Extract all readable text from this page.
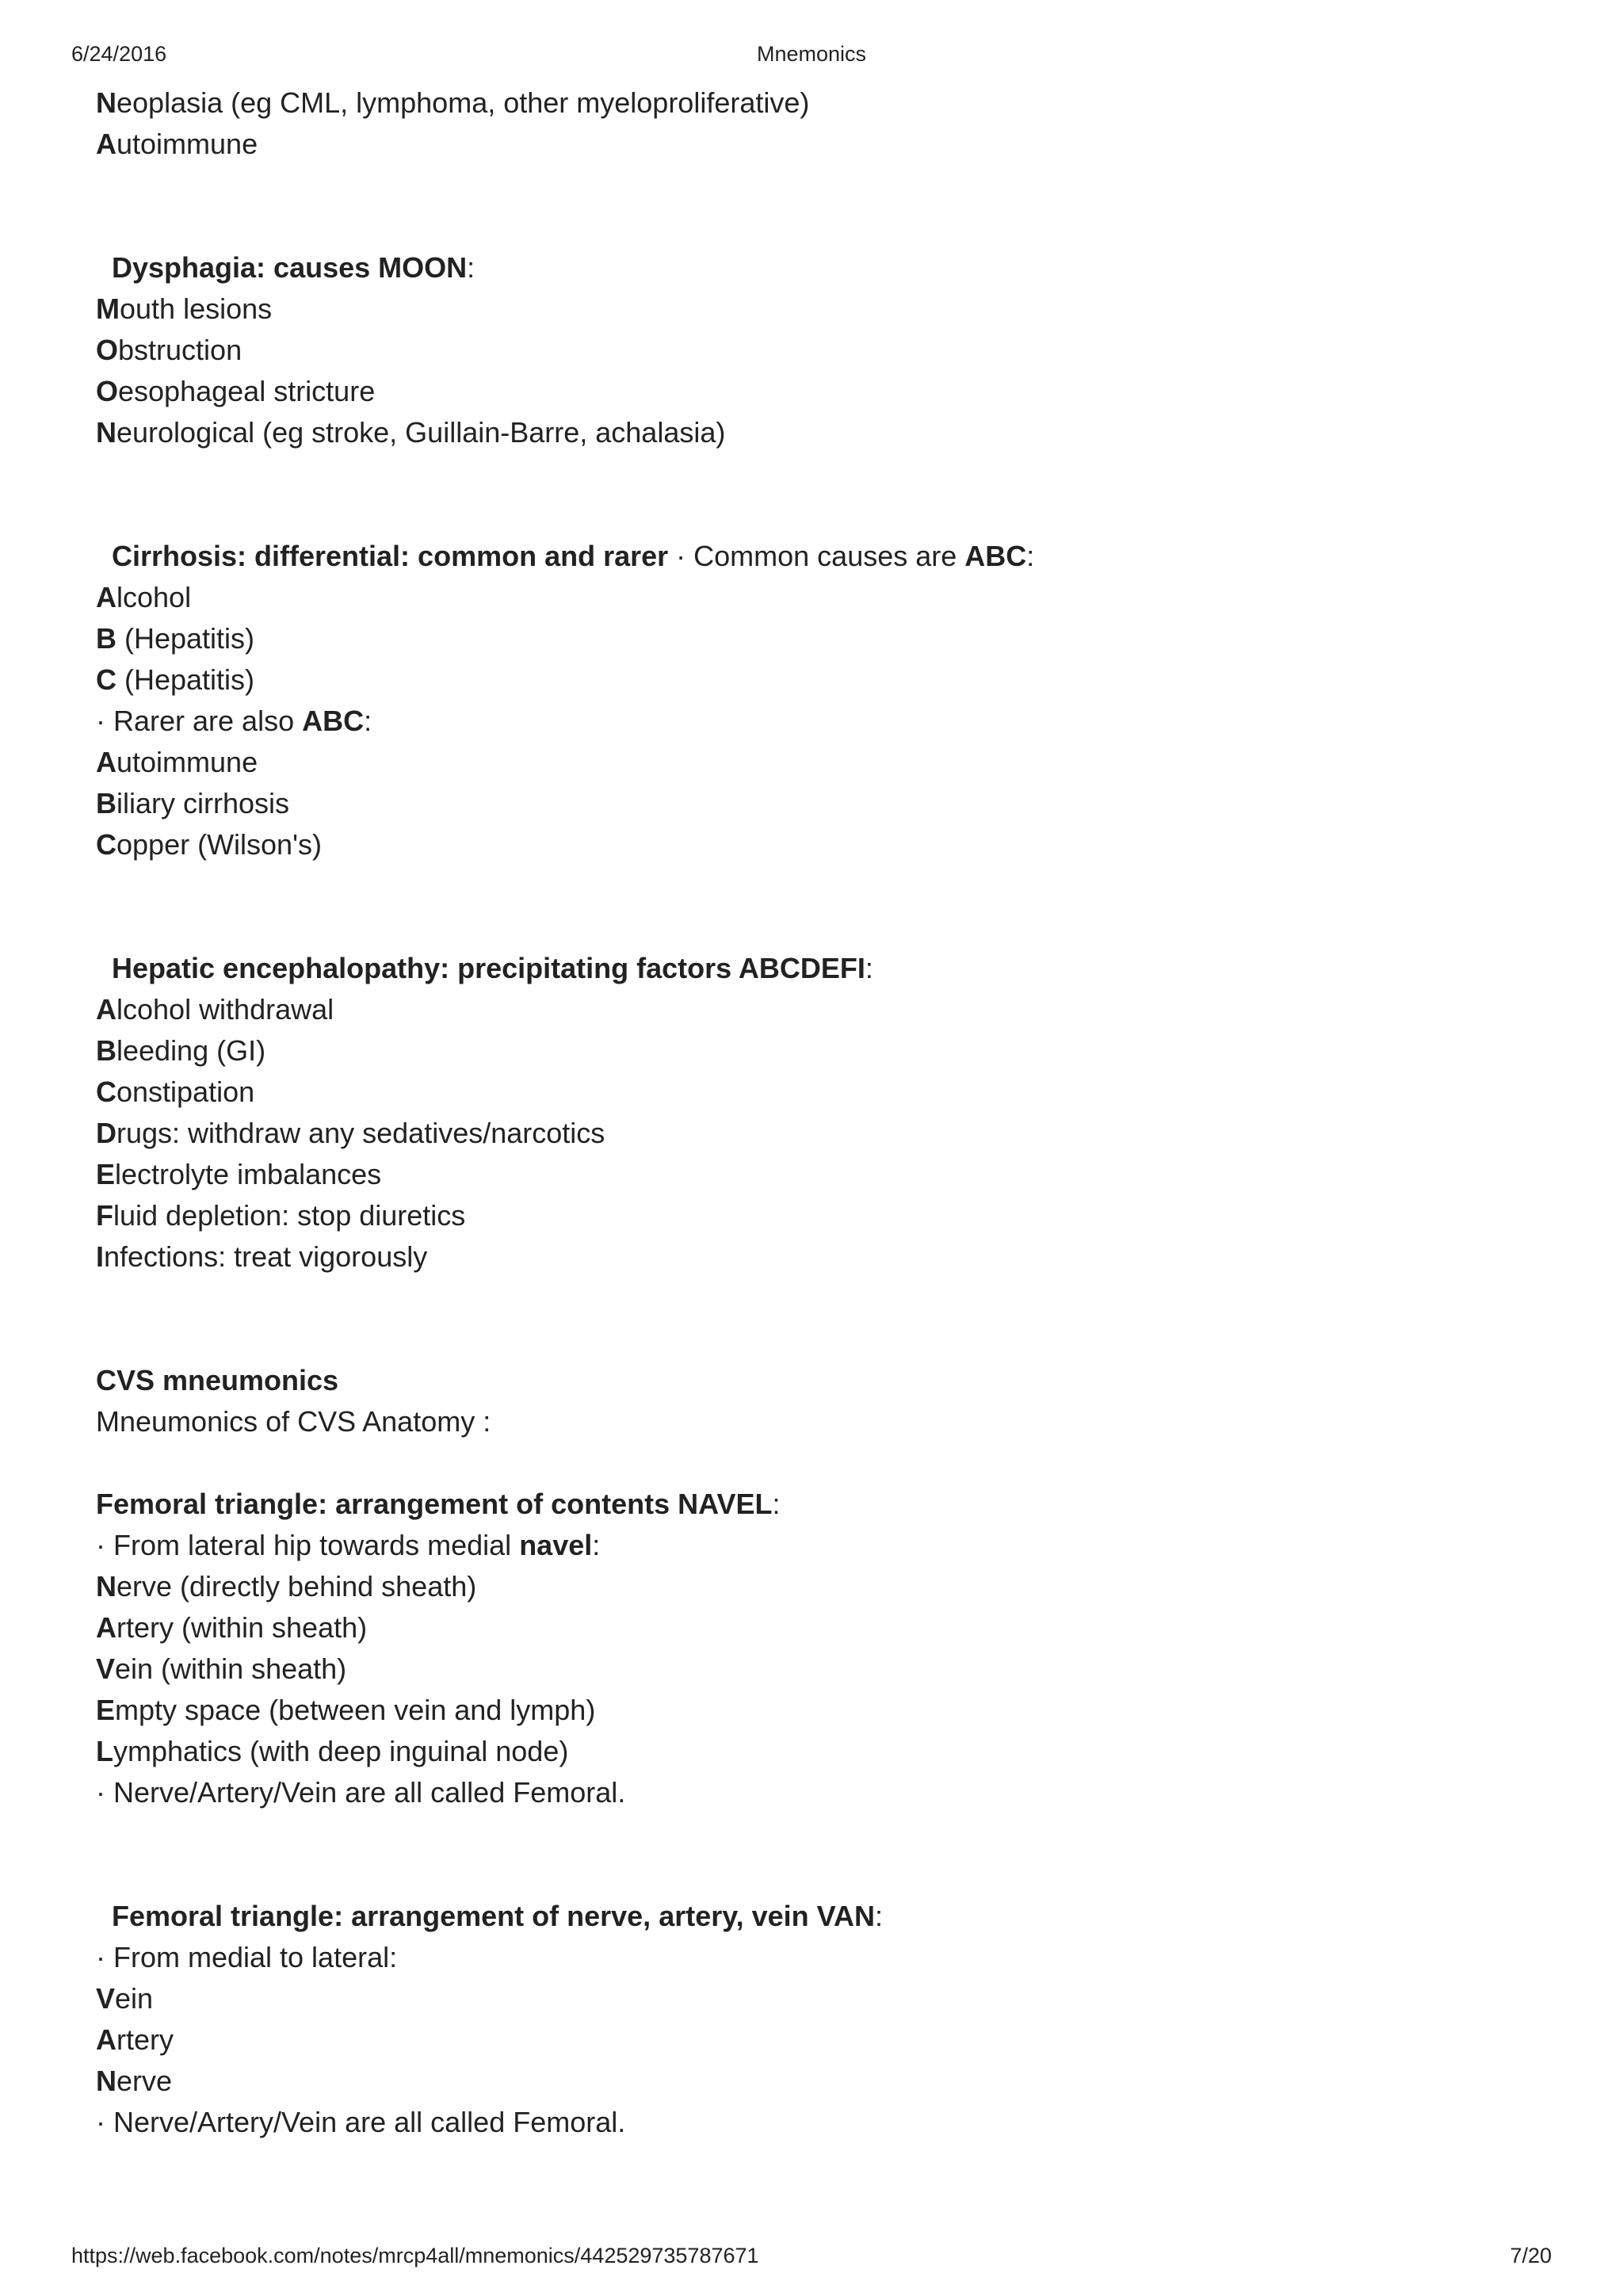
6/24/2016	Mnemonics
Neoplasia (eg CML, lymphoma, other myeloproliferative)
Autoimmune
Dysphagia: causes MOON:
Mouth lesions
Obstruction
Oesophageal stricture
Neurological (eg stroke, Guillain-Barre, achalasia)
Cirrhosis: differential: common and rarer · Common causes are ABC:
Alcohol
B (Hepatitis)
C (Hepatitis)
· Rarer are also ABC:
Autoimmune
Biliary cirrhosis
Copper (Wilson's)
Hepatic encephalopathy: precipitating factors ABCDEFI:
Alcohol withdrawal
Bleeding (GI)
Constipation
Drugs: withdraw any sedatives/narcotics
Electrolyte imbalances
Fluid depletion: stop diuretics
Infections: treat vigorously
CVS mneumonics
Mneumonics of CVS Anatomy :
Femoral triangle: arrangement of contents NAVEL:
· From lateral hip towards medial navel:
Nerve (directly behind sheath)
Artery (within sheath)
Vein (within sheath)
Empty space (between vein and lymph)
Lymphatics (with deep inguinal node)
· Nerve/Artery/Vein are all called Femoral.
Femoral triangle: arrangement of nerve, artery, vein VAN:
· From medial to lateral:
Vein
Artery
Nerve
· Nerve/Artery/Vein are all called Femoral.
https://web.facebook.com/notes/mrcp4all/mnemonics/442529735787671	7/20
